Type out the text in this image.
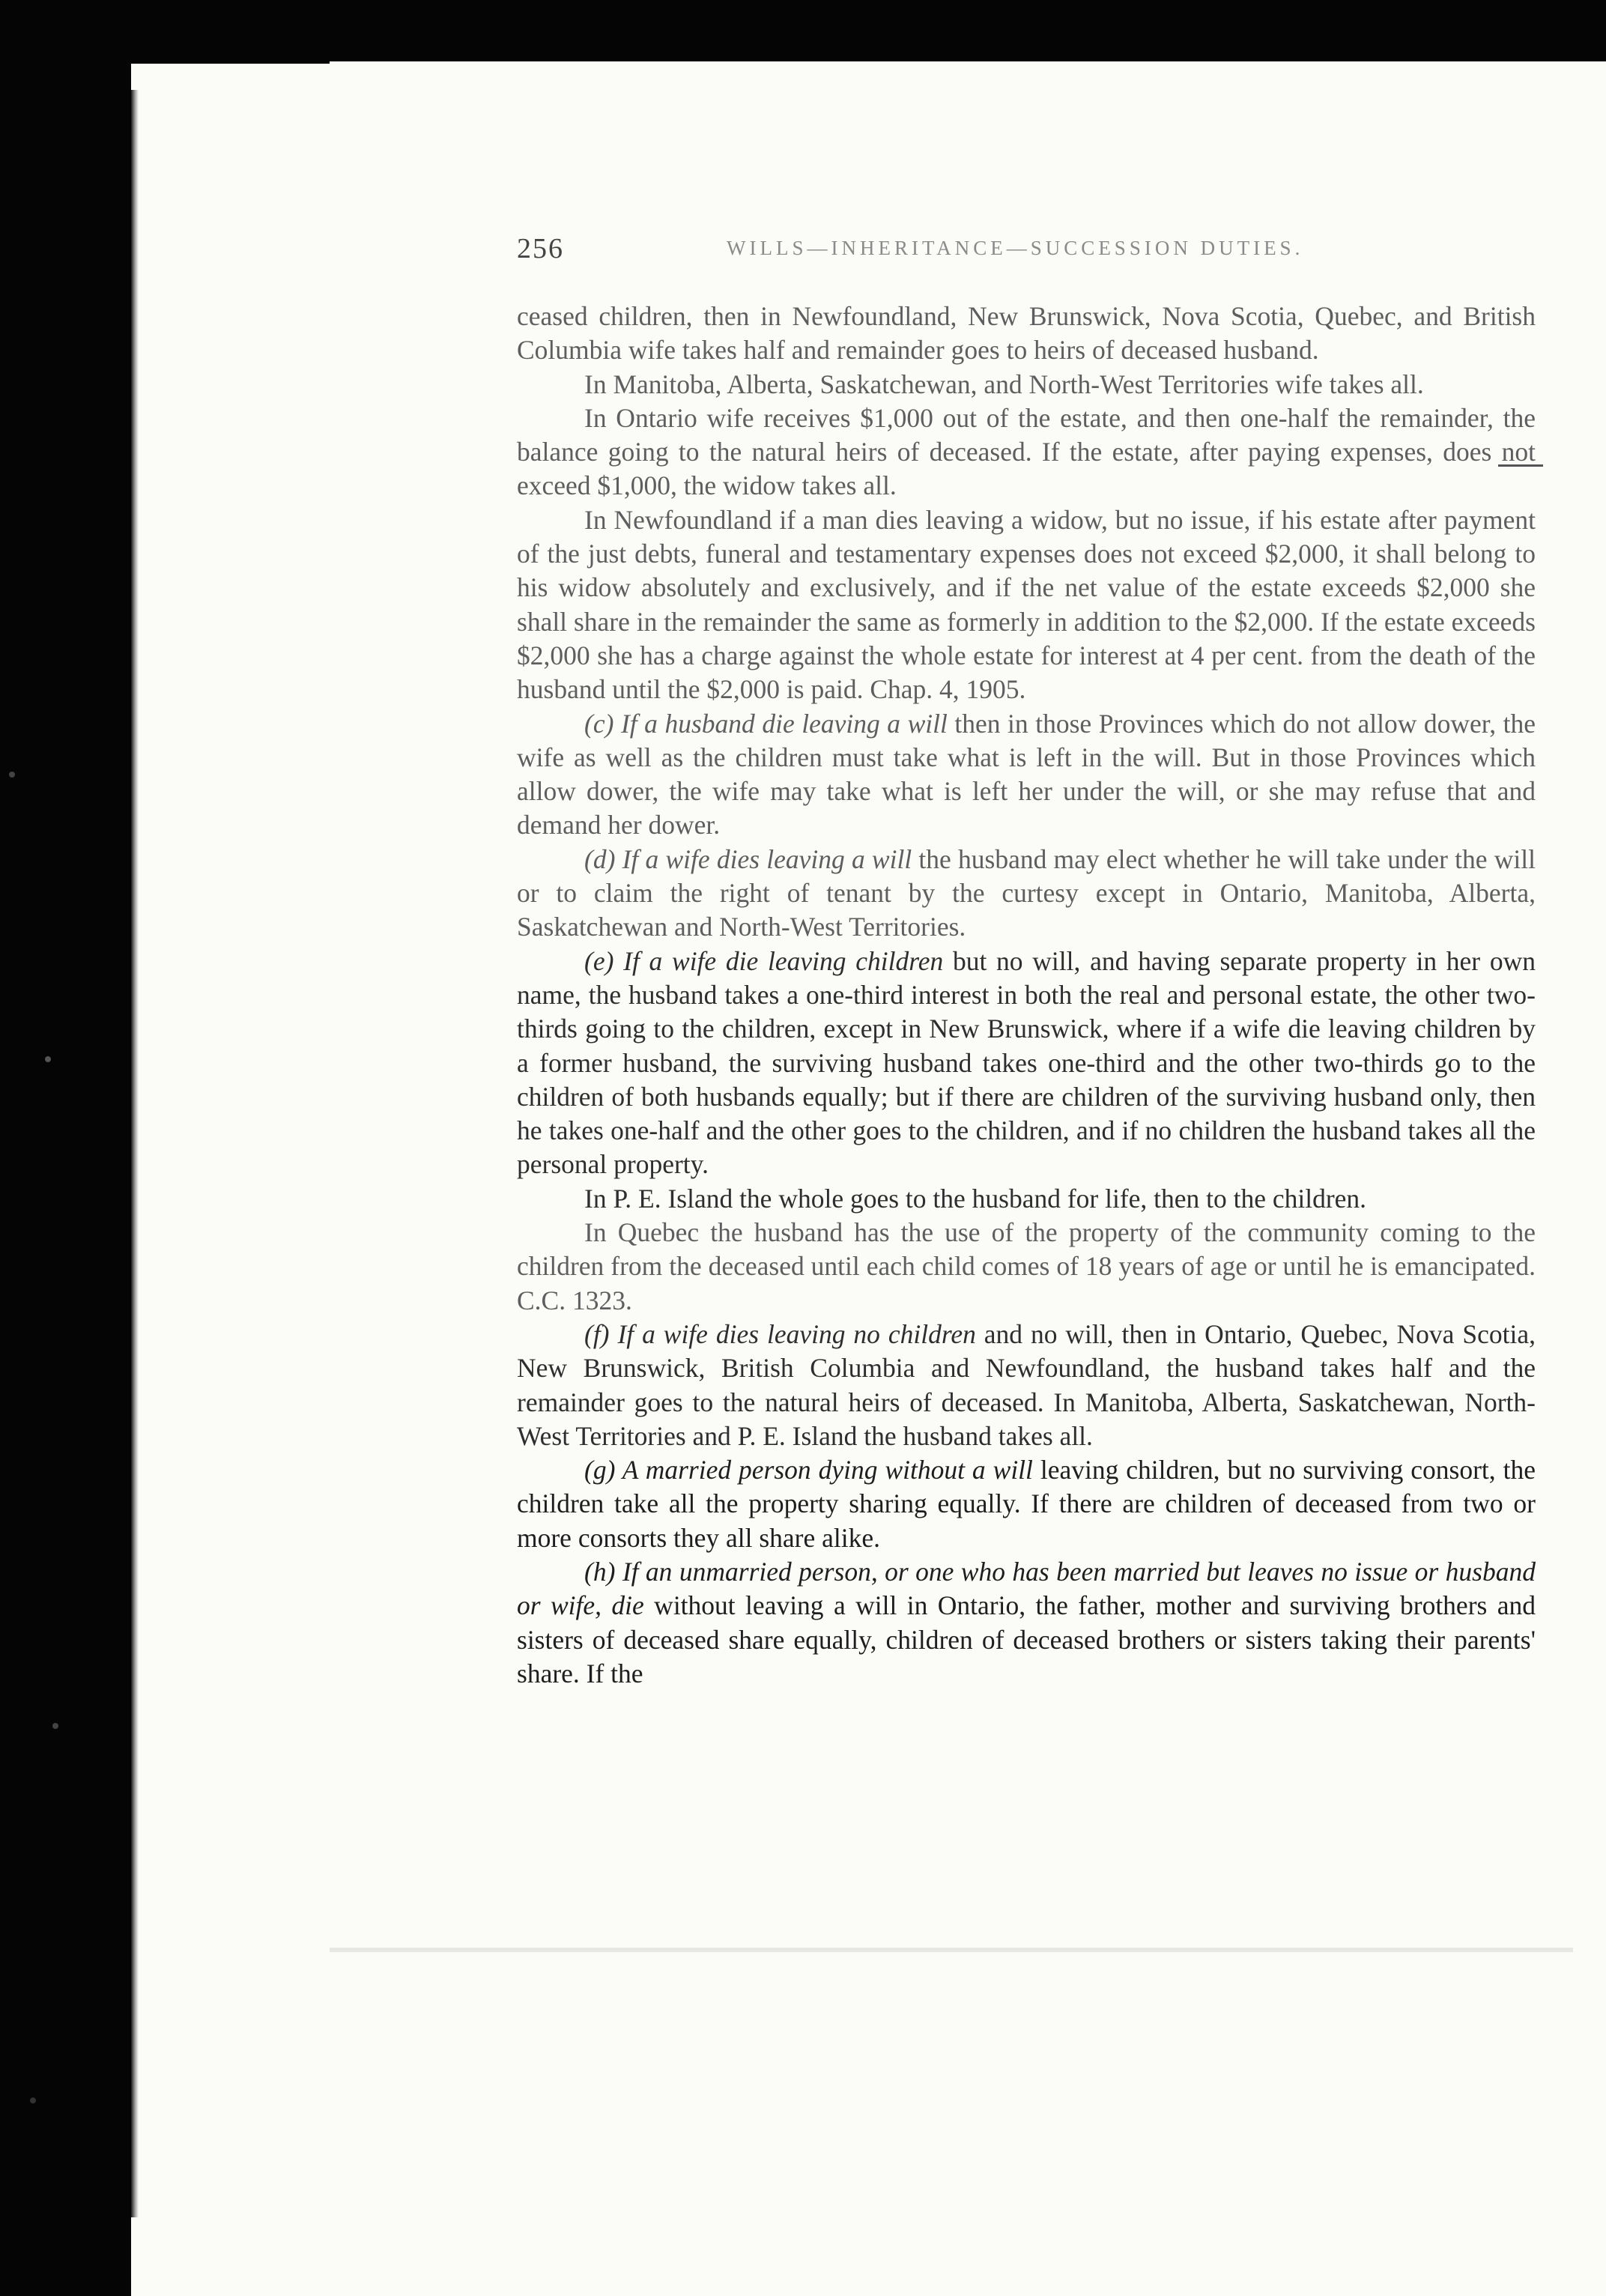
256	WILLS—INHERITANCE—SUCCESSION DUTIES.

ceased children, then in Newfoundland, New Brunswick, Nova Scotia, Quebec, and British Columbia wife takes half and remainder goes to heirs of deceased husband.

In Manitoba, Alberta, Saskatchewan, and North-West Territories wife takes all.

In Ontario wife receives $1,000 out of the estate, and then one-half the remainder, the balance going to the natural heirs of deceased. If the estate, after paying expenses, does not exceed $1,000, the widow takes all.

In Newfoundland if a man dies leaving a widow, but no issue, if his estate after payment of the just debts, funeral and testamentary expenses does not exceed $2,000, it shall belong to his widow absolutely and exclusively, and if the net value of the estate exceeds $2,000 she shall share in the remainder the same as formerly in addition to the $2,000. If the estate exceeds $2,000 she has a charge against the whole estate for interest at 4 per cent. from the death of the husband until the $2,000 is paid. Chap. 4, 1905.

(c) If a husband die leaving a will then in those Provinces which do not allow dower, the wife as well as the children must take what is left in the will. But in those Provinces which allow dower, the wife may take what is left her under the will, or she may refuse that and demand her dower.

(d) If a wife dies leaving a will the husband may elect whether he will take under the will or to claim the right of tenant by the curtesy except in Ontario, Manitoba, Alberta, Saskatchewan and North-West Territories.

(e) If a wife die leaving children but no will, and having separate property in her own name, the husband takes a one-third interest in both the real and personal estate, the other two-thirds going to the children, except in New Brunswick, where if a wife die leaving children by a former husband, the surviving husband takes one-third and the other two-thirds go to the children of both husbands equally; but if there are children of the surviving husband only, then he takes one-half and the other goes to the children, and if no children the husband takes all the personal property.

In P. E. Island the whole goes to the husband for life, then to the children.

In Quebec the husband has the use of the property of the community coming to the children from the deceased until each child comes of 18 years of age or until he is emancipated. C.C. 1323.

(f) If a wife dies leaving no children and no will, then in Ontario, Quebec, Nova Scotia, New Brunswick, British Columbia and Newfoundland, the husband takes half and the remainder goes to the natural heirs of deceased. In Manitoba, Alberta, Saskatchewan, North-West Territories and P. E. Island the husband takes all.

(g) A married person dying without a will leaving children, but no surviving consort, the children take all the property sharing equally. If there are children of deceased from two or more consorts they all share alike.

(h) If an unmarried person, or one who has been married but leaves no issue or husband or wife, die without leaving a will in Ontario, the father, mother and surviving brothers and sisters of deceased share equally, children of deceased brothers or sisters taking their parents' share. If the
